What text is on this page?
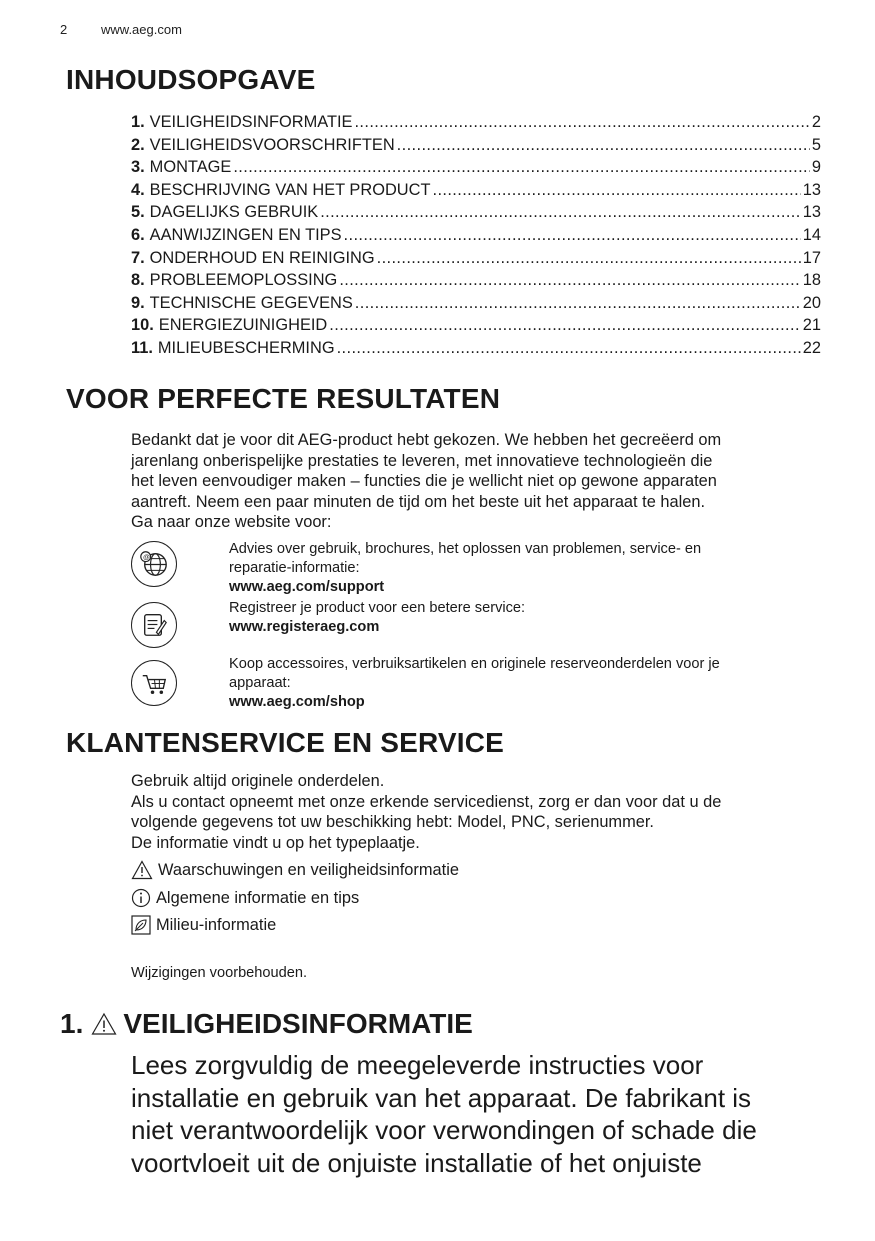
2	www.aeg.com
INHOUDSOPGAVE
1. VEILIGHEIDSINFORMATIE .....	2
2. VEILIGHEIDSVOORSCHRIFTEN .....	5
3. MONTAGE .....	9
4. BESCHRIJVING VAN HET PRODUCT .....	13
5. DAGELIJKS GEBRUIK .....	13
6. AANWIJZINGEN EN TIPS .....	14
7. ONDERHOUD EN REINIGING .....	17
8. PROBLEEMOPLOSSING .....	18
9. TECHNISCHE GEGEVENS .....	20
10. ENERGIEZUINIGHEID .....	21
11. MILIEUBESCHERMING .....	22
VOOR PERFECTE RESULTATEN
Bedankt dat je voor dit AEG-product hebt gekozen. We hebben het gecreëerd om
jarenlang onberispelijke prestaties te leveren, met innovatieve technologieën die
het leven eenvoudiger maken – functies die je wellicht niet op gewone apparaten
aantreft. Neem een paar minuten de tijd om het beste uit het apparaat te halen.
Ga naar onze website voor:
@
Advies over gebruik, brochures, het oplossen van problemen, service- en
reparatie-informatie:
www.aeg.com/support
Registreer je product voor een betere service:
www.registeraeg.com
Koop accessoires, verbruiksartikelen en originele reserveonderdelen voor je
apparaat:
www.aeg.com/shop
KLANTENSERVICE EN SERVICE
Gebruik altijd originele onderdelen.
Als u contact opneemt met onze erkende servicedienst, zorg er dan voor dat u de
volgende gegevens tot uw beschikking hebt: Model, PNC, serienummer.
De informatie vindt u op het typeplaatje.
Waarschuwingen en veiligheidsinformatie
Algemene informatie en tips
Milieu-informatie
Wijzigingen voorbehouden.
1. VEILIGHEIDSINFORMATIE
Lees zorgvuldig de meegeleverde instructies voor
installatie en gebruik van het apparaat. De fabrikant is
niet verantwoordelijk voor verwondingen of schade die
voortvloeit uit de onjuiste installatie of het onjuiste
